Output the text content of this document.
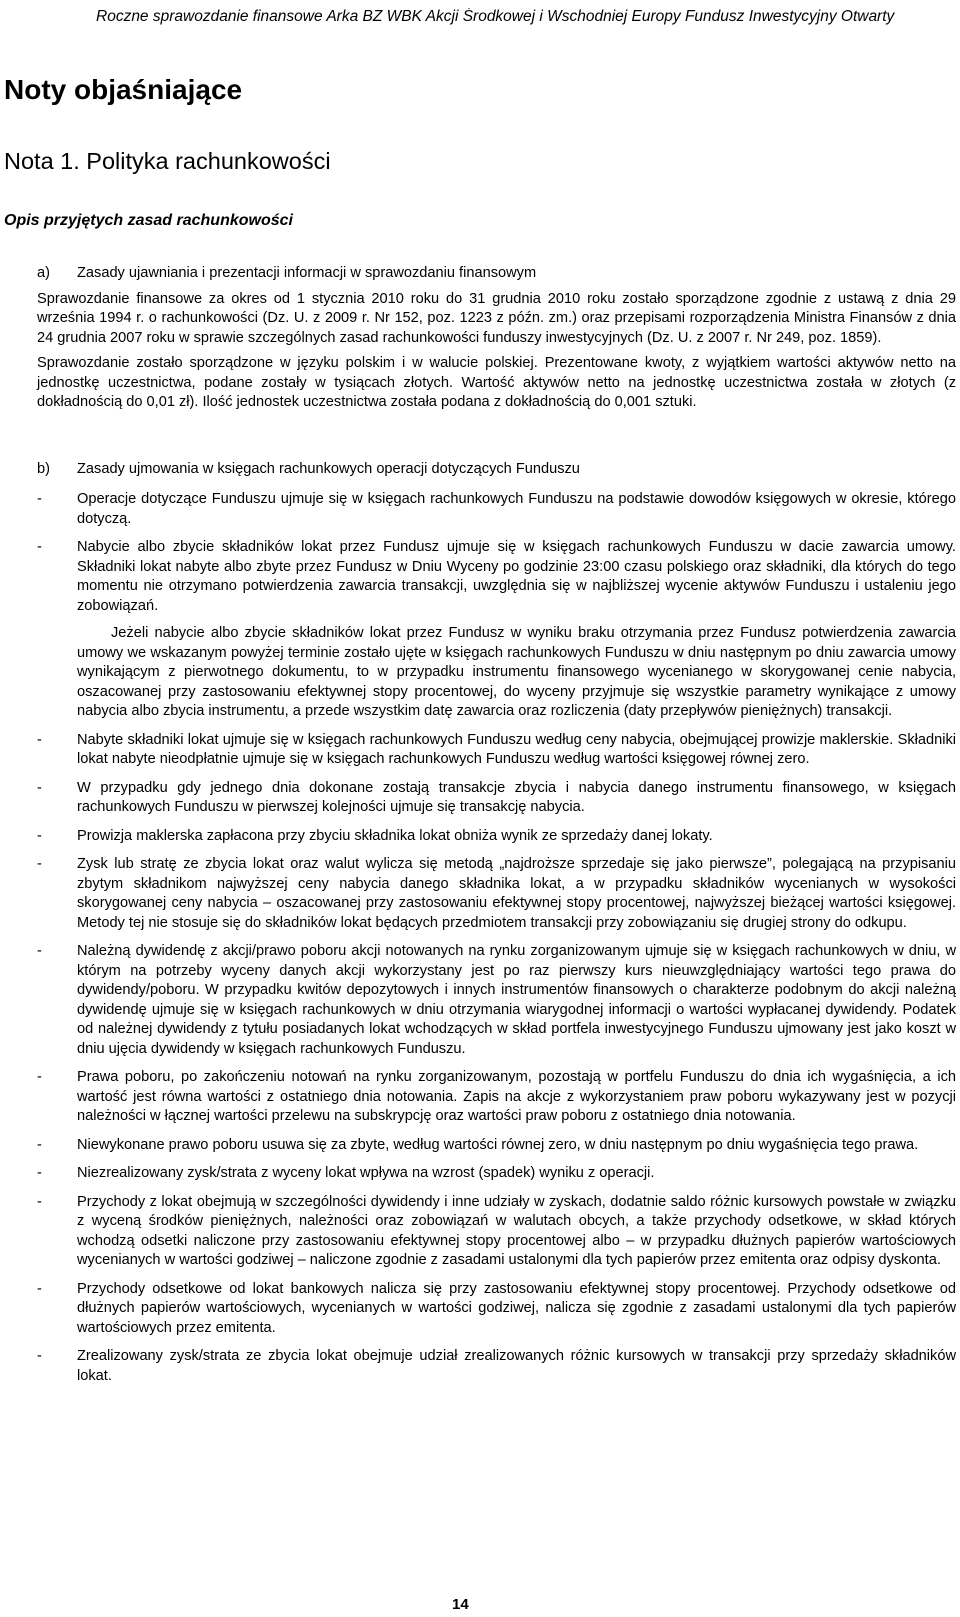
Roczne sprawozdanie finansowe Arka BZ WBK Akcji Środkowej i Wschodniej Europy Fundusz Inwestycyjny Otwarty
Noty objaśniające
Nota 1. Polityka rachunkowości
Opis przyjętych zasad rachunkowości
a) Zasady ujawniania i prezentacji informacji w sprawozdaniu finansowym

Sprawozdanie finansowe za okres od 1 stycznia 2010 roku do 31 grudnia 2010 roku zostało sporządzone zgodnie z ustawą z dnia 29 września 1994 r. o rachunkowości (Dz. U. z 2009 r. Nr 152, poz. 1223 z późn. zm.) oraz przepisami rozporządzenia Ministra Finansów z dnia 24 grudnia 2007 roku w sprawie szczególnych zasad rachunkowości funduszy inwestycyjnych (Dz. U. z 2007 r. Nr 249, poz. 1859).

Sprawozdanie zostało sporządzone w języku polskim i w walucie polskiej. Prezentowane kwoty, z wyjątkiem wartości aktywów netto na jednostkę uczestnictwa, podane zostały w tysiącach złotych. Wartość aktywów netto na jednostkę uczestnictwa została w złotych (z dokładnością do 0,01 zł). Ilość jednostek uczestnictwa została podana z dokładnością do 0,001 sztuki.

b) Zasady ujmowania w księgach rachunkowych operacji dotyczących Funduszu
- Operacje dotyczące Funduszu ujmuje się w księgach rachunkowych Funduszu na podstawie dowodów księgowych w okresie, którego dotyczą.
- Nabycie albo zbycie składników lokat przez Fundusz ujmuje się w księgach rachunkowych Funduszu w dacie zawarcia umowy. Składniki lokat nabyte albo zbyte przez Fundusz w Dniu Wyceny po godzinie 23:00 czasu polskiego oraz składniki, dla których do tego momentu nie otrzymano potwierdzenia zawarcia transakcji, uwzględnia się w najbliższej wycenie aktywów Funduszu i ustaleniu jego zobowiązań.
Jeżeli nabycie albo zbycie składników lokat przez Fundusz w wyniku braku otrzymania przez Fundusz potwierdzenia zawarcia umowy we wskazanym powyżej terminie zostało ujęte w księgach rachunkowych Funduszu w dniu następnym po dniu zawarcia umowy wynikającym z pierwotnego dokumentu, to w przypadku instrumentu finansowego wycenianego w skorygowanej cenie nabycia, oszacowanej przy zastosowaniu efektywnej stopy procentowej, do wyceny przyjmuje się wszystkie parametry wynikające z umowy nabycia albo zbycia instrumentu, a przede wszystkim datę zawarcia oraz rozliczenia (daty przepływów pieniężnych) transakcji.
- Nabyte składniki lokat ujmuje się w księgach rachunkowych Funduszu według ceny nabycia, obejmującej prowizje maklerskie. Składniki lokat nabyte nieodpłatnie ujmuje się w księgach rachunkowych Funduszu według wartości księgowej równej zero.
- W przypadku gdy jednego dnia dokonane zostają transakcje zbycia i nabycia danego instrumentu finansowego, w księgach rachunkowych Funduszu w pierwszej kolejności ujmuje się transakcję nabycia.
- Prowizja maklerska zapłacona przy zbyciu składnika lokat obniża wynik ze sprzedaży danej lokaty.
- Zysk lub stratę ze zbycia lokat oraz walut wylicza się metodą „najdroższe sprzedaje się jako pierwsze”, polegającą na przypisaniu zbytym składnikom najwyższej ceny nabycia danego składnika lokat, a w przypadku składników wycenianych w wysokości skorygowanej ceny nabycia – oszacowanej przy zastosowaniu efektywnej stopy procentowej, najwyższej bieżącej wartości księgowej. Metody tej nie stosuje się do składników lokat będących przedmiotem transakcji przy zobowiązaniu się drugiej strony do odkupu.
- Należną dywidendę z akcji/prawo poboru akcji notowanych na rynku zorganizowanym ujmuje się w księgach rachunkowych w dniu, w którym na potrzeby wyceny danych akcji wykorzystany jest po raz pierwszy kurs nieuwzględniający wartości tego prawa do dywidendy/poboru. W przypadku kwitów depozytowych i innych instrumentów finansowych o charakterze podobnym do akcji należną dywidendę ujmuje się w księgach rachunkowych w dniu otrzymania wiarygodnej informacji o wartości wypłacanej dywidendy. Podatek od należnej dywidendy z tytułu posiadanych lokat wchodzących w skład portfela inwestycyjnego Funduszu ujmowany jest jako koszt w dniu ujęcia dywidendy w księgach rachunkowych Funduszu.
- Prawa poboru, po zakończeniu notowań na rynku zorganizowanym, pozostają w portfelu Funduszu do dnia ich wygaśnięcia, a ich wartość jest równa wartości z ostatniego dnia notowania. Zapis na akcje z wykorzystaniem praw poboru wykazywany jest w pozycji należności w łącznej wartości przelewu na subskrypcję oraz wartości praw poboru z ostatniego dnia notowania.
- Niewykonane prawo poboru usuwa się za zbyte, według wartości równej zero, w dniu następnym po dniu wygaśnięcia tego prawa.
- Niezrealizowany zysk/strata z wyceny lokat wpływa na wzrost (spadek) wyniku z operacji.
- Przychody z lokat obejmują w szczególności dywidendy i inne udziały w zyskach, dodatnie saldo różnic kursowych powstałe w związku z wyceną środków pieniężnych, należności oraz zobowiązań w walutach obcych, a także przychody odsetkowe, w skład których wchodzą odsetki naliczone przy zastosowaniu efektywnej stopy procentowej albo – w przypadku dłużnych papierów wartościowych wycenianych w wartości godziwej – naliczone zgodnie z zasadami ustalonymi dla tych papierów przez emitenta oraz odpisy dyskonta.
- Przychody odsetkowe od lokat bankowych nalicza się przy zastosowaniu efektywnej stopy procentowej. Przychody odsetkowe od dłużnych papierów wartościowych, wycenianych w wartości godziwej, nalicza się zgodnie z zasadami ustalonymi dla tych papierów wartościowych przez emitenta.
- Zrealizowany zysk/strata ze zbycia lokat obejmuje udział zrealizowanych różnic kursowych w transakcji przy sprzedaży składników lokat.
14
